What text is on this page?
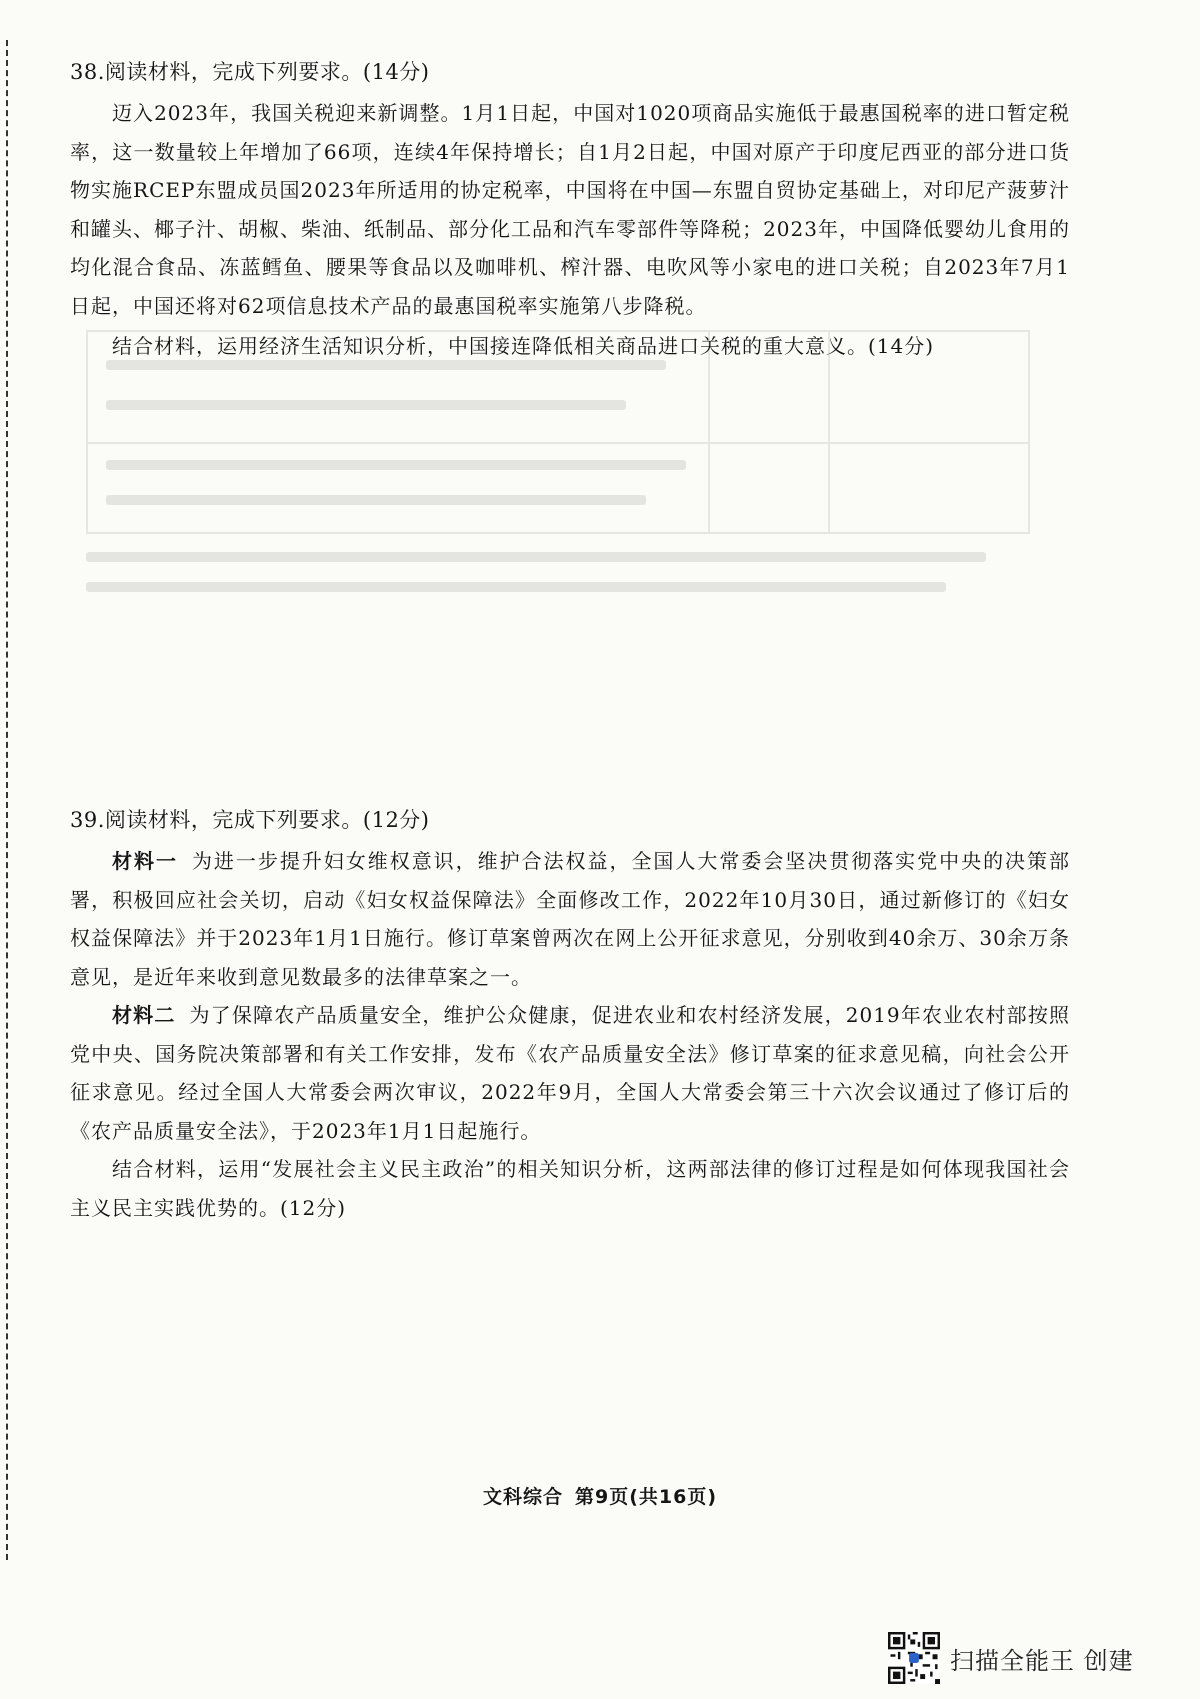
38.阅读材料，完成下列要求。(14分)

迈入2023年，我国关税迎来新调整。1月1日起，中国对1020项商品实施低于最惠国税率的进口暂定税率，这一数量较上年增加了66项，连续4年保持增长；自1月2日起，中国对原产于印度尼西亚的部分进口货物实施RCEP东盟成员国2023年所适用的协定税率，中国将在中国—东盟自贸协定基础上，对印尼产菠萝汁和罐头、椰子汁、胡椒、柴油、纸制品、部分化工品和汽车零部件等降税；2023年，中国降低婴幼儿食用的均化混合食品、冻蓝鳕鱼、腰果等食品以及咖啡机、榨汁器、电吹风等小家电的进口关税；自2023年7月1日起，中国还将对62项信息技术产品的最惠国税率实施第八步降税。

结合材料，运用经济生活知识分析，中国接连降低相关商品进口关税的重大意义。(14分)

39.阅读材料，完成下列要求。(12分)

材料一 为进一步提升妇女维权意识，维护合法权益，全国人大常委会坚决贯彻落实党中央的决策部署，积极回应社会关切，启动《妇女权益保障法》全面修改工作，2022年10月30日，通过新修订的《妇女权益保障法》并于2023年1月1日施行。修订草案曾两次在网上公开征求意见，分别收到40余万、30余万条意见，是近年来收到意见数最多的法律草案之一。

材料二 为了保障农产品质量安全，维护公众健康，促进农业和农村经济发展，2019年农业农村部按照党中央、国务院决策部署和有关工作安排，发布《农产品质量安全法》修订草案的征求意见稿，向社会公开征求意见。经过全国人大常委会两次审议，2022年9月，全国人大常委会第三十六次会议通过了修订后的《农产品质量安全法》，于2023年1月1日起施行。

结合材料，运用“发展社会主义民主政治”的相关知识分析，这两部法律的修订过程是如何体现我国社会主义民主实践优势的。(12分)

文科综合 第9页(共16页)
扫描全能王 创建
